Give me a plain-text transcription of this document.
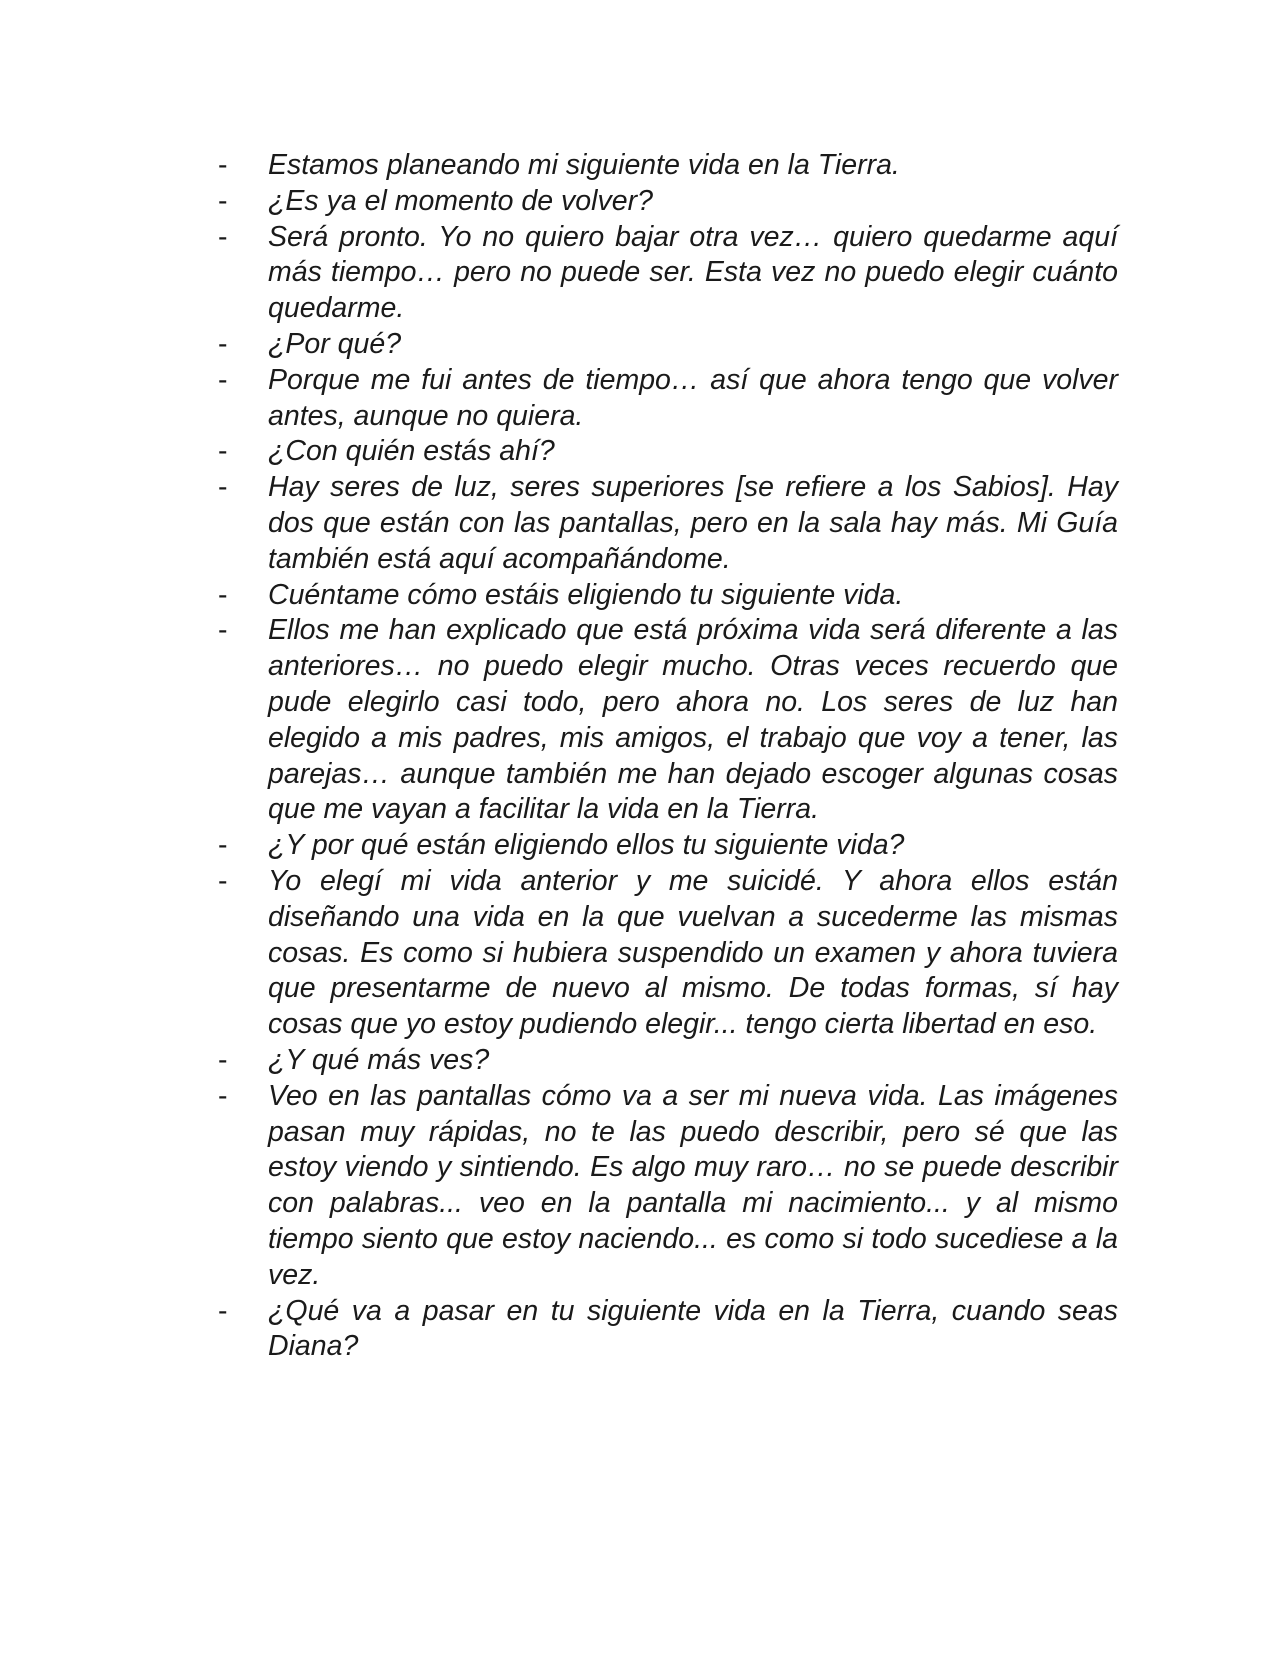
-	Estamos planeando mi siguiente vida en la Tierra.
-	¿Es ya el momento de volver?
-	Será pronto. Yo no quiero bajar otra vez… quiero quedarme aquí más tiempo… pero no puede ser. Esta vez no puedo elegir cuánto quedarme.
-	¿Por qué?
-	Porque me fui antes de tiempo… así que ahora tengo que volver antes, aunque no quiera.
-	¿Con quién estás ahí?
-	Hay seres de luz, seres superiores [se refiere a los Sabios]. Hay dos que están con las pantallas, pero en la sala hay más. Mi Guía también está aquí acompañándome.
-	Cuéntame cómo estáis eligiendo tu siguiente vida.
-	Ellos me han explicado que está próxima vida será diferente a las anteriores… no puedo elegir mucho. Otras veces recuerdo que pude elegirlo casi todo, pero ahora no. Los seres de luz han elegido a mis padres, mis amigos, el trabajo que voy a tener, las parejas… aunque también me han dejado escoger algunas cosas que me vayan a facilitar la vida en la Tierra.
-	¿Y por qué están eligiendo ellos tu siguiente vida?
-	Yo elegí mi vida anterior y me suicidé. Y ahora ellos están diseñando una vida en la que vuelvan a sucederme las mismas cosas. Es como si hubiera suspendido un examen y ahora tuviera que presentarme de nuevo al mismo. De todas formas, sí hay cosas que yo estoy pudiendo elegir... tengo cierta libertad en eso.
-	¿Y qué más ves?
-	Veo en las pantallas cómo va a ser mi nueva vida. Las imágenes pasan muy rápidas, no te las puedo describir, pero sé que las estoy viendo y sintiendo. Es algo muy raro… no se puede describir con palabras... veo en la pantalla mi nacimiento... y al mismo tiempo siento que estoy naciendo... es como si todo sucediese a la vez.
-	¿Qué va a pasar en tu siguiente vida en la Tierra, cuando seas Diana?
